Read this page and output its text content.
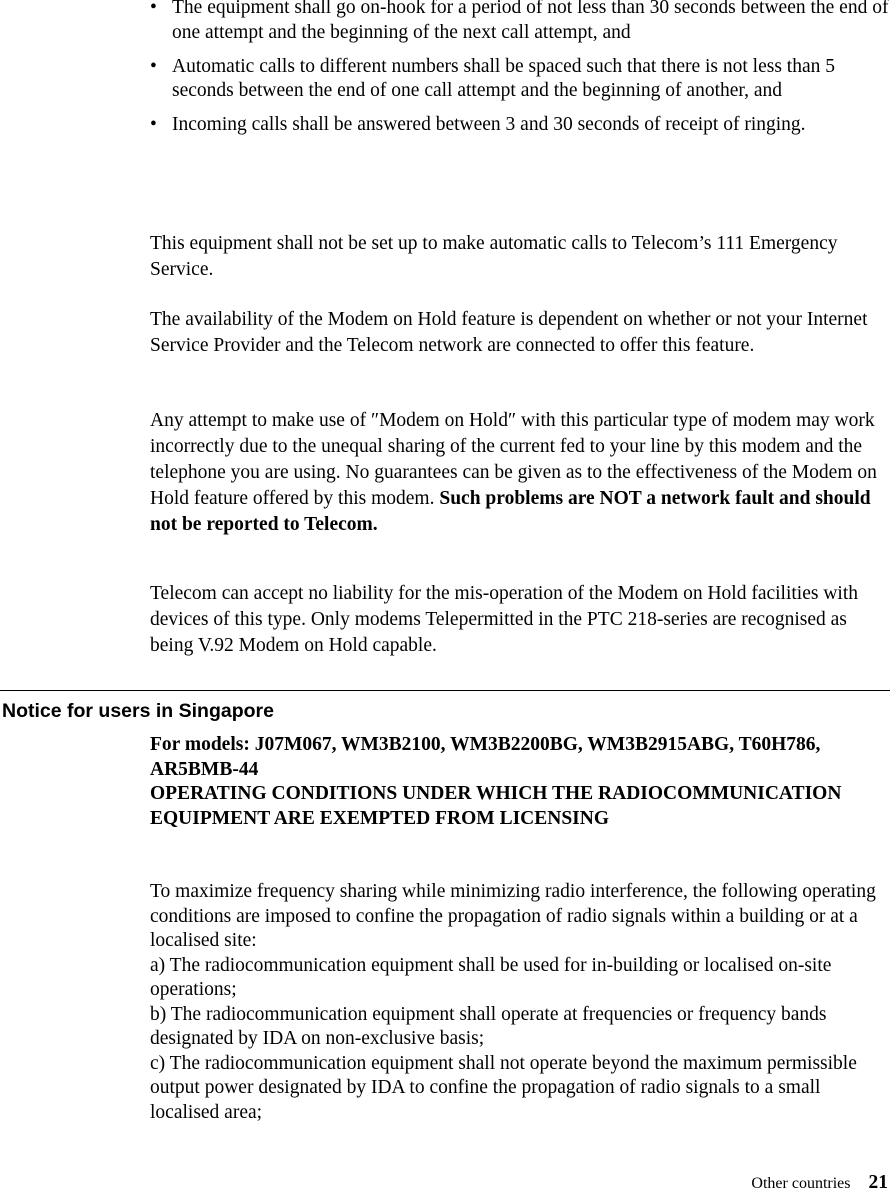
• The equipment shall go on-hook for a period of not less than 30 seconds between the end of one attempt and the beginning of the next call attempt, and
• Automatic calls to different numbers shall be spaced such that there is not less than 5 seconds between the end of one call attempt and the beginning of another, and
• Incoming calls shall be answered between 3 and 30 seconds of receipt of ringing.

This equipment shall not be set up to make automatic calls to Telecom’s 111 Emergency Service.

The availability of the Modem on Hold feature is dependent on whether or not your Internet Service Provider and the Telecom network are connected to offer this feature.

Any attempt to make use of ″Modem on Hold″ with this particular type of modem may work incorrectly due to the unequal sharing of the current fed to your line by this modem and the telephone you are using. No guarantees can be given as to the effectiveness of the Modem on Hold feature offered by this modem. Such problems are NOT a network fault and should not be reported to Telecom.

Telecom can accept no liability for the mis-operation of the Modem on Hold facilities with devices of this type. Only modems Telepermitted in the PTC 218-series are recognised as being V.92 Modem on Hold capable.

Notice for users in Singapore
For models: J07M067, WM3B2100, WM3B2200BG, WM3B2915ABG, T60H786, AR5BMB-44
OPERATING CONDITIONS UNDER WHICH THE RADIOCOMMUNICATION EQUIPMENT ARE EXEMPTED FROM LICENSING
To maximize frequency sharing while minimizing radio interference, the following operating conditions are imposed to confine the propagation of radio signals within a building or at a localised site:
a) The radiocommunication equipment shall be used for in-building or localised on-site operations;
b) The radiocommunication equipment shall operate at frequencies or frequency bands designated by IDA on non-exclusive basis;
c) The radiocommunication equipment shall not operate beyond the maximum permissible output power designated by IDA to confine the propagation of radio signals to a small localised area;
Other countries 21
